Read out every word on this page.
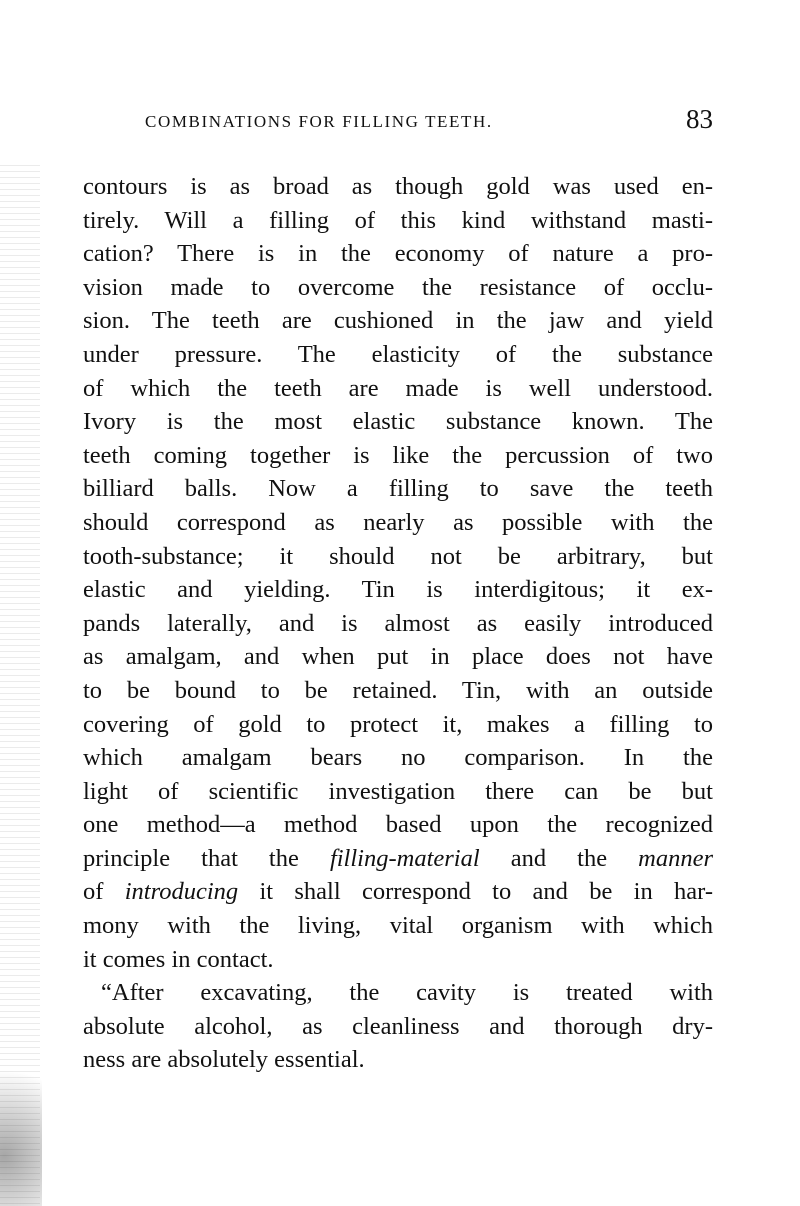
COMBINATIONS FOR FILLING TEETH.	83
contours is as broad as though gold was used en-
tirely. Will a filling of this kind withstand masti-
cation? There is in the economy of nature a pro-
vision made to overcome the resistance of occlu-
sion. The teeth are cushioned in the jaw and yield
under pressure. The elasticity of the substance
of which the teeth are made is well understood.
Ivory is the most elastic substance known. The
teeth coming together is like the percussion of two
billiard balls. Now a filling to save the teeth
should correspond as nearly as possible with the
tooth-substance; it should not be arbitrary, but
elastic and yielding. Tin is interdigitous; it ex-
pands laterally, and is almost as easily introduced
as amalgam, and when put in place does not have
to be bound to be retained. Tin, with an outside
covering of gold to protect it, makes a filling to
which amalgam bears no comparison. In the
light of scientific investigation there can be but
one method—a method based upon the recognized
principle that the filling-material and the manner
of introducing it shall correspond to and be in har-
mony with the living, vital organism with which
it comes in contact.
“After excavating, the cavity is treated with
absolute alcohol, as cleanliness and thorough dry-
ness are absolutely essential.
